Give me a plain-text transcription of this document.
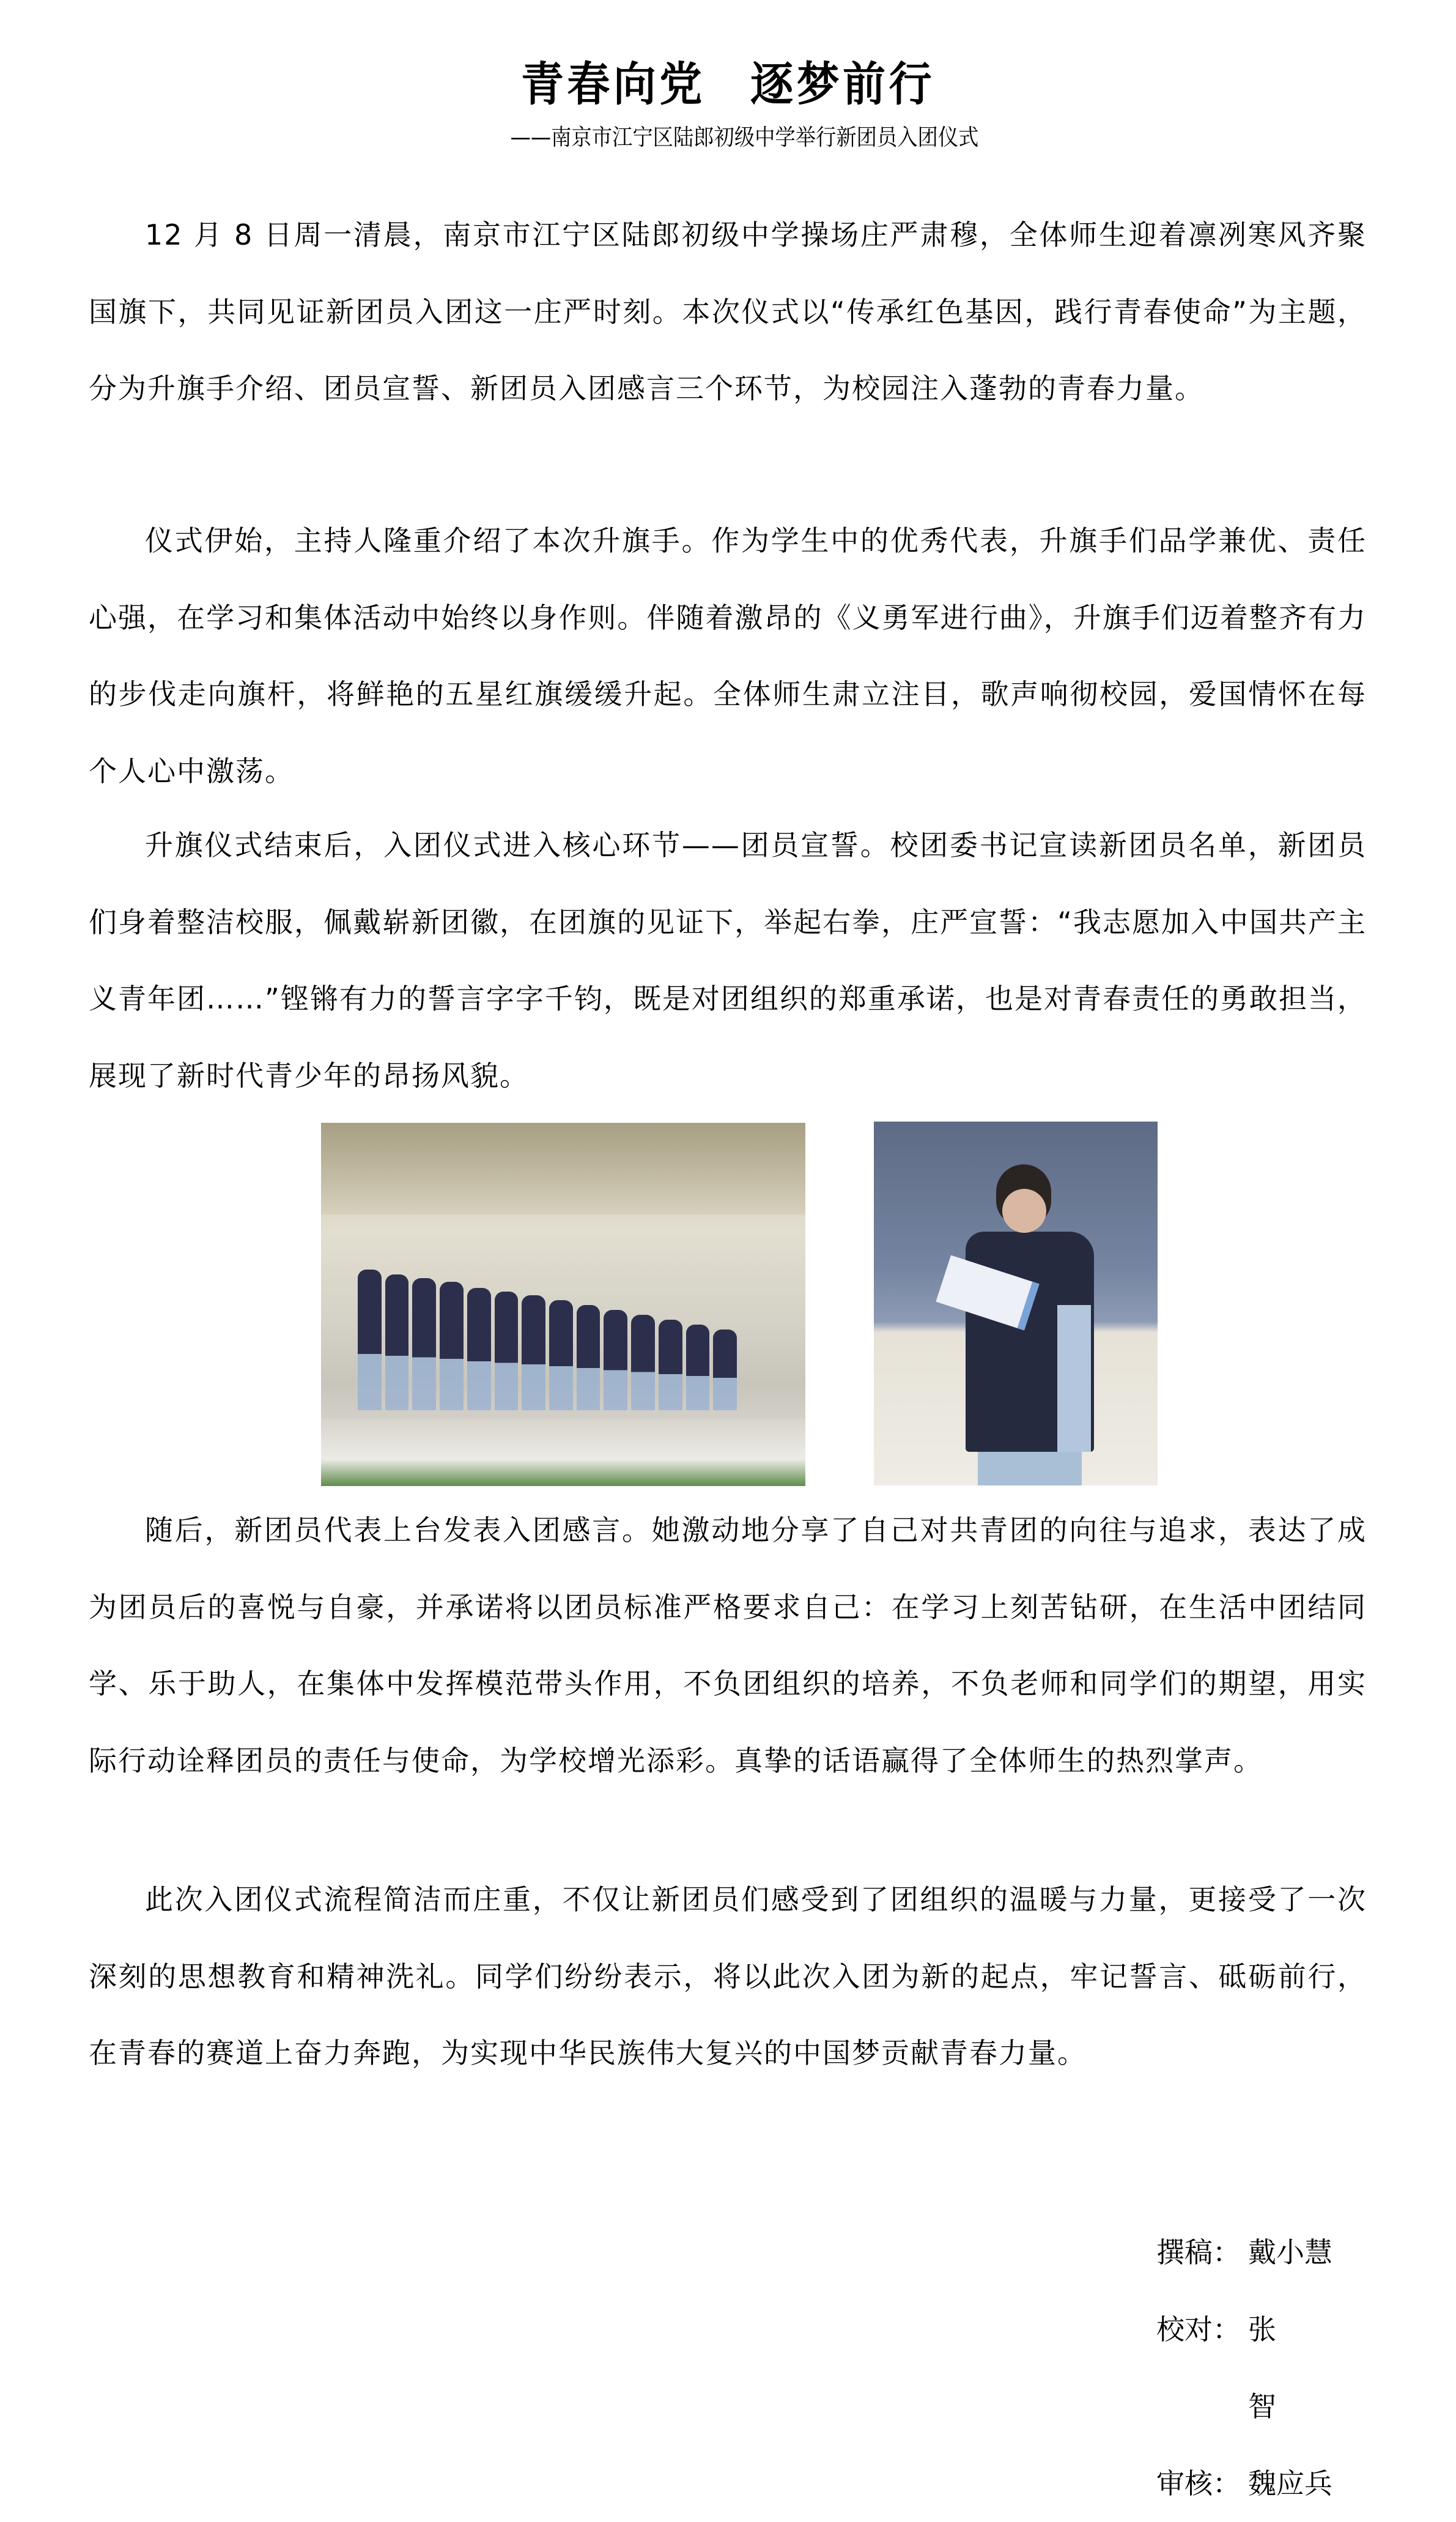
青春向党 逐梦前行
——南京市江宁区陆郎初级中学举行新团员入团仪式

12 月 8 日周一清晨，南京市江宁区陆郎初级中学操场庄严肃穆，全体师生迎着凛冽寒风齐聚国旗下，共同见证新团员入团这一庄严时刻。本次仪式以“传承红色基因，践行青春使命”为主题，分为升旗手介绍、团员宣誓、新团员入团感言三个环节，为校园注入蓬勃的青春力量。

仪式伊始，主持人隆重介绍了本次升旗手。作为学生中的优秀代表，升旗手们品学兼优、责任心强，在学习和集体活动中始终以身作则。伴随着激昂的《义勇军进行曲》，升旗手们迈着整齐有力的步伐走向旗杆，将鲜艳的五星红旗缓缓升起。全体师生肃立注目，歌声响彻校园，爱国情怀在每个人心中激荡。

升旗仪式结束后，入团仪式进入核心环节——团员宣誓。校团委书记宣读新团员名单，新团员们身着整洁校服，佩戴崭新团徽，在团旗的见证下，举起右拳，庄严宣誓：“我志愿加入中国共产主义青年团……”铿锵有力的誓言字字千钧，既是对团组织的郑重承诺，也是对青春责任的勇敢担当，展现了新时代青少年的昂扬风貌。

随后，新团员代表上台发表入团感言。她激动地分享了自己对共青团的向往与追求，表达了成为团员后的喜悦与自豪，并承诺将以团员标准严格要求自己：在学习上刻苦钻研，在生活中团结同学、乐于助人，在集体中发挥模范带头作用，不负团组织的培养，不负老师和同学们的期望，用实际行动诠释团员的责任与使命，为学校增光添彩。真挚的话语赢得了全体师生的热烈掌声。

此次入团仪式流程简洁而庄重，不仅让新团员们感受到了团组织的温暖与力量，更接受了一次深刻的思想教育和精神洗礼。同学们纷纷表示，将以此次入团为新的起点，牢记誓言、砥砺前行，在青春的赛道上奋力奔跑，为实现中华民族伟大复兴的中国梦贡献青春力量。

撰稿： 戴小慧
校对： 张智
审核： 魏应兵
